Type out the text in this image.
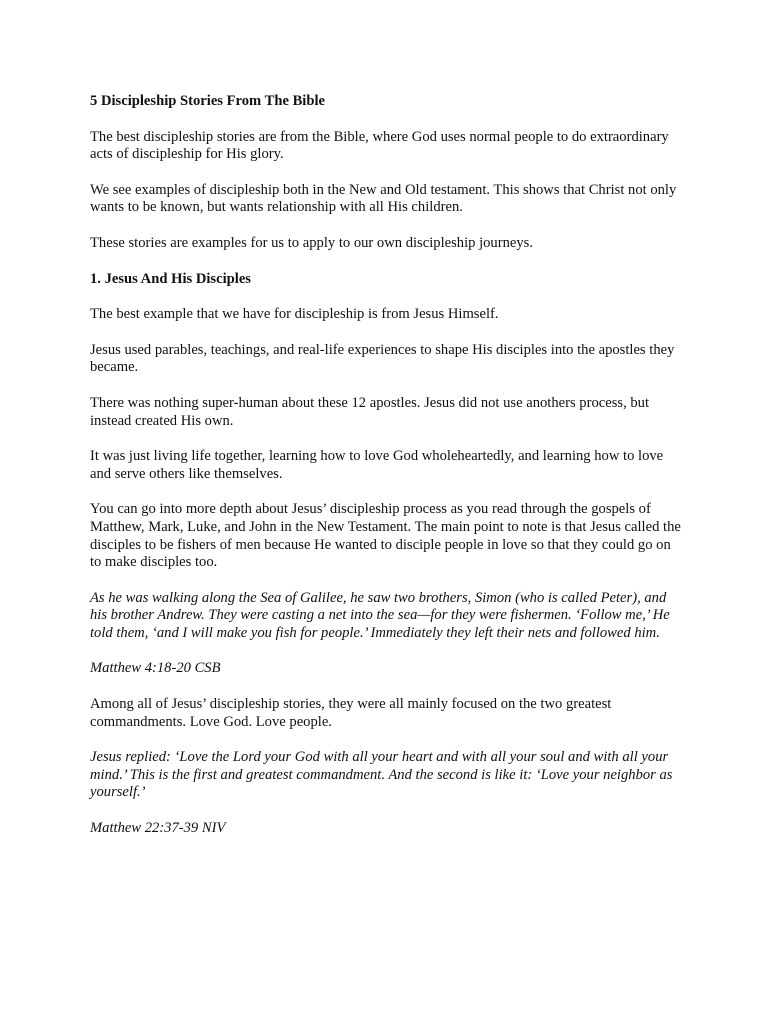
5 Discipleship Stories From The Bible

The best discipleship stories are from the Bible, where God uses normal people to do extraordinary acts of discipleship for His glory.

We see examples of discipleship both in the New and Old testament. This shows that Christ not only wants to be known, but wants relationship with all His children.

These stories are examples for us to apply to our own discipleship journeys.

1. Jesus And His Disciples

The best example that we have for discipleship is from Jesus Himself.

Jesus used parables, teachings, and real-life experiences to shape His disciples into the apostles they became.

There was nothing super-human about these 12 apostles. Jesus did not use anothers process, but instead created His own.

It was just living life together, learning how to love God wholeheartedly, and learning how to love and serve others like themselves.

You can go into more depth about Jesus’ discipleship process as you read through the gospels of Matthew, Mark, Luke, and John in the New Testament. The main point to note is that Jesus called the disciples to be fishers of men because He wanted to disciple people in love so that they could go on to make disciples too.

As he was walking along the Sea of Galilee, he saw two brothers, Simon (who is called Peter), and his brother Andrew. They were casting a net into the sea—for they were fishermen. ‘Follow me,’ He told them, ‘and I will make you fish for people.’ Immediately they left their nets and followed him.

Matthew 4:18-20 CSB

Among all of Jesus’ discipleship stories, they were all mainly focused on the two greatest commandments. Love God. Love people.

Jesus replied: ‘Love the Lord your God with all your heart and with all your soul and with all your mind.’ This is the first and greatest commandment. And the second is like it: ‘Love your neighbor as yourself.’

Matthew 22:37-39 NIV
